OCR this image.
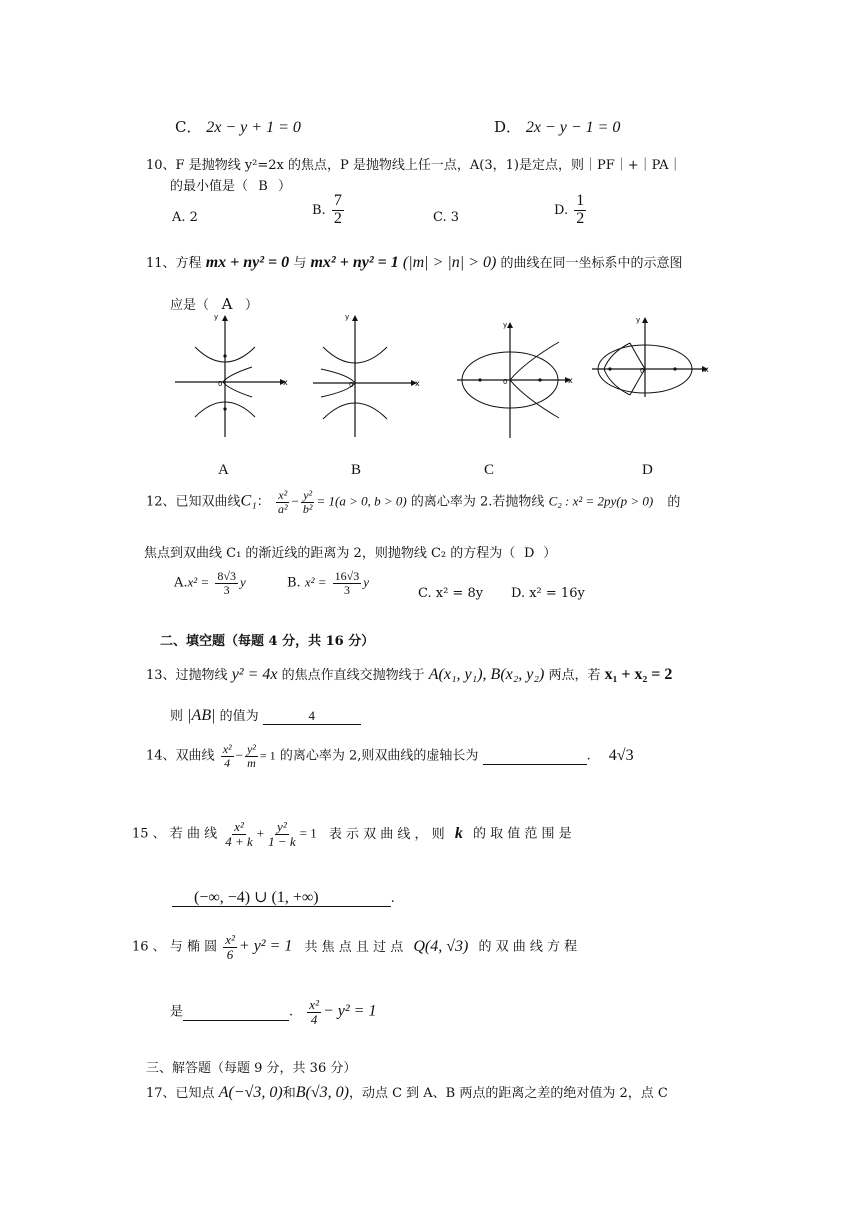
C． 2x − y + 1 = 0	D． 2x − y − 1 = 0
10、F 是抛物线 y²=2x 的焦点，P 是抛物线上任一点，A(3，1)是定点，则｜PF｜+｜PA｜
的最小值是（ B ）
A. 2	B. $\frac{7}{2}$	C. 3	D. $\frac{1}{2}$
11、方程 mx + ny² = 0 与 mx² + ny² = 1 (|m| > |n| > 0) 的曲线在同一坐标系中的示意图
应是（ A ）
y
x
0
y
x
0
y
x
0
y
x
0
A	B	C	D
12、已知双曲线C₁： $\frac{\text{x²}}{\text{a²}} - \frac{\text{y²}}{\text{b²}} = 1(a > 0$, b > 0) 的离心率为 2.若抛物线 C₂ : x² = 2py(p > 0) 的
焦点到双曲线 C₁ 的渐近线的距离为 2，则抛物线 C₂ 的方程为（ D ）
$A.x^2 = \frac{8√3}{3}$ y	B. $x^2 = \frac{16√3}{3}$ y
C. x² = 8y D. x² = 16y
二、填空题（每题 4 分，共 16 分）
13、过抛物线 y² = 4x 的焦点作直线交抛物线于 A(x₁, y₁), B(x₂, y₂) 两点，若 x₁ + x₂ = 2
则 |AB| 的值为	4
14、双曲线 $\frac{\text{x²}}{4} - \frac{\text{y²}}{m} = 1$ 的离心率为 2,则双曲线的虚轴长为	. 4√3
15 、 若 曲 线 $\frac{\text{x²}}{4 + k} + \frac{\text{y²}}{1 - k} = 1$ 表 示 双 曲 线 ， 则 k 的 取 值 范 围 是
(−∞, −4) ∪ (1, +∞)	.
16 、 与 椭 圆 $\frac{\text{x²}}{6} + y^2 = 1$ 共 焦 点 且 过 点 Q(4, √3) 的 双 曲 线 方 程
是	. $\frac{\text{x²}}{4} - y^2 = 1$
三、解答题（每题 9 分，共 36 分）
17、已知点 A(−√3, 0)和B(√3, 0)，动点 C 到 A、B 两点的距离之差的绝对值为 2，点 C
